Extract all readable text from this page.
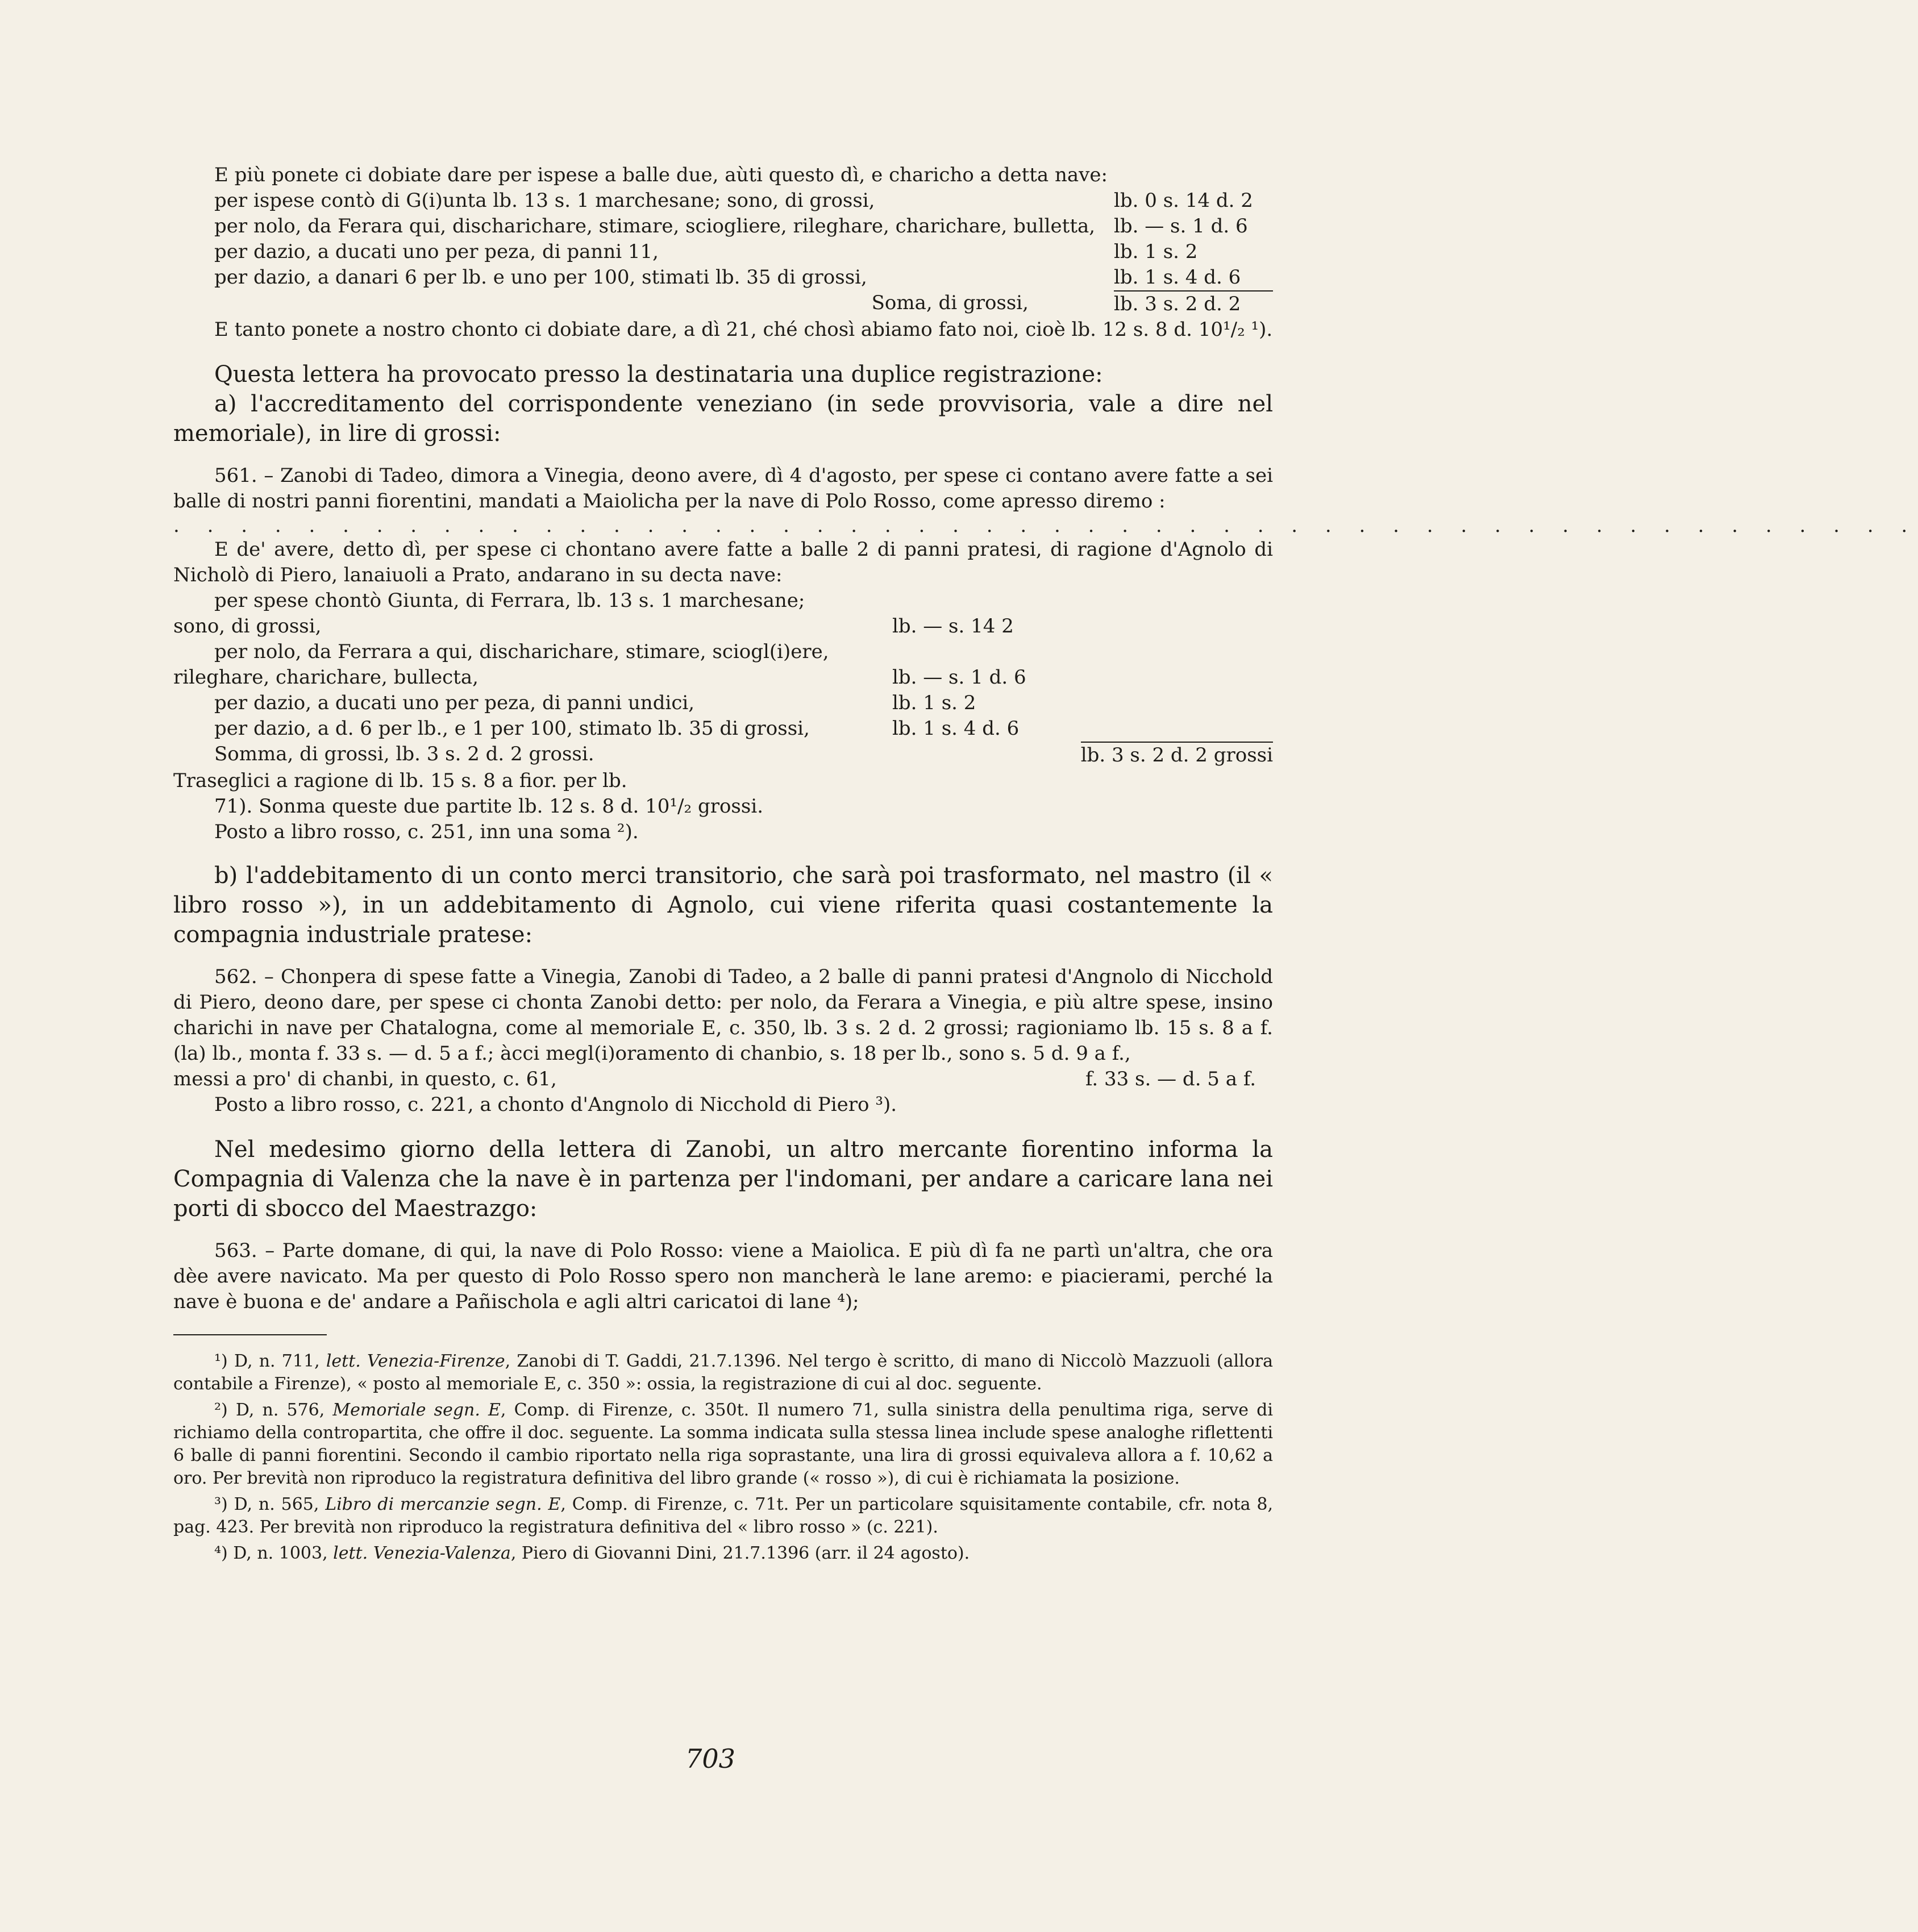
E più ponete ci dobiate dare per ispese a balle due, aùti questo dì, e charicho a detta nave:

per ispese contò di G(i)unta lb. 13 s. 1 marchesane; sono, di grossi,	lb. 0 s. 14 d. 2
per nolo, da Ferara qui, discharichare, stimare, sciogliere, rileghare, charichare, bulletta, lb. — s. 1 d. 6
per dazio, a ducati uno per peza, di panni 11,	lb. 1 s. 2
per dazio, a danari 6 per lb. e uno per 100, stimati lb. 35 di grossi,	lb. 1 s. 4 d. 6
Soma, di grossi,	lb. 3 s. 2 d. 2

E tanto ponete a nostro chonto ci dobiate dare, a dì 21, ché chosì abiamo fato noi, cioè lb. 12 s. 8 d. 10¹/₂ ¹).

Questa lettera ha provocato presso la destinataria una duplice registrazione:

a) l'accreditamento del corrispondente veneziano (in sede provvisoria, vale a dire nel memoriale), in lire di grossi:

561. – Zanobi di Tadeo, dimora a Vinegia, deono avere, dì 4 d'agosto, per spese ci contano avere fatte a sei balle di nostri panni fiorentini, mandati a Maiolicha per la nave di Polo Rosso, come apresso diremo :

. . . . . . . . . . . . . . . . . . . . . . . . . . . . . . . . . . . . . . . . . . . . . . . . . . . .

E de' avere, detto dì, per spese ci chontano avere fatte a balle 2 di panni pratesi, di ragione d'Agnolo di Nicholò di Piero, lanaiuoli a Prato, andarano in su decta nave:

per spese chontò Giunta, di Ferrara, lb. 13 s. 1 marchesane;

sono, di grossi,	lb. — s. 14 2

per nolo, da Ferrara a qui, discharichare, stimare, sciogl(i)ere,

rileghare, charichare, bullecta,	lb. — s. 1 d. 6
per dazio, a ducati uno per peza, di panni undici,	lb. 1 s. 2
per dazio, a d. 6 per lb., e 1 per 100, stimato lb. 35 di grossi,	lb. 1 s. 4 d. 6
Somma, di grossi, lb. 3 s. 2 d. 2 grossi.	lb. 3 s. 2 d. 2 grossi

Traseglici a ragione di lb. 15 s. 8 a fior. per lb.

71). Sonma queste due partite lb. 12 s. 8 d. 10¹/₂ grossi.

Posto a libro rosso, c. 251, inn una soma ²).

b) l'addebitamento di un conto merci transitorio, che sarà poi trasformato, nel mastro (il « libro rosso »), in un addebitamento di Agnolo, cui viene riferita quasi costantemente la compagnia industriale pratese:

562. – Chonpera di spese fatte a Vinegia, Zanobi di Tadeo, a 2 balle di panni pratesi d'Angnolo di Nicchold di Piero, deono dare, per spese ci chonta Zanobi detto: per nolo, da Ferara a Vinegia, e più altre spese, insino charichi in nave per Chatalogna, come al memoriale E, c. 350, lb. 3 s. 2 d. 2 grossi; ragioniamo lb. 15 s. 8 a f. (la) lb., monta f. 33 s. — d. 5 a f.; àcci megl(i)oramento di chanbio, s. 18 per lb., sono s. 5 d. 9 a f.,

messi a pro' di chanbi, in questo, c. 61,	f. 33 s. — d. 5 a f.

Posto a libro rosso, c. 221, a chonto d'Angnolo di Nicchold di Piero ³).

Nel medesimo giorno della lettera di Zanobi, un altro mercante fiorentino informa la Compagnia di Valenza che la nave è in partenza per l'indomani, per andare a caricare lana nei porti di sbocco del Maestrazgo:

563. – Parte domane, di qui, la nave di Polo Rosso: viene a Maiolica. E più dì fa ne partì un'altra, che ora dèe avere navicato. Ma per questo di Polo Rosso spero non mancherà le lane aremo: e piacierami, perché la nave è buona e de' andare a Pañischola e agli altri caricatoi di lane ⁴);

¹) D, n. 711, lett. Venezia-Firenze, Zanobi di T. Gaddi, 21.7.1396. Nel tergo è scritto, di mano di Niccolò Mazzuoli (allora contabile a Firenze), « posto al memoriale E, c. 350 »: ossia, la registrazione di cui al doc. seguente.

²) D, n. 576, Memoriale segn. E, Comp. di Firenze, c. 350t. Il numero 71, sulla sinistra della penultima riga, serve di richiamo della contropartita, che offre il doc. seguente. La somma indicata sulla stessa linea include spese analoghe riflettenti 6 balle di panni fiorentini. Secondo il cambio riportato nella riga soprastante, una lira di grossi equivaleva allora a f. 10,62 a oro. Per brevità non riproduco la registratura definitiva del libro grande (« rosso »), di cui è richiamata la posizione.

³) D, n. 565, Libro di mercanzie segn. E, Comp. di Firenze, c. 71t. Per un particolare squisitamente contabile, cfr. nota 8, pag. 423. Per brevità non riproduco la registratura definitiva del « libro rosso » (c. 221).

⁴) D, n. 1003, lett. Venezia-Valenza, Piero di Giovanni Dini, 21.7.1396 (arr. il 24 agosto).

703
